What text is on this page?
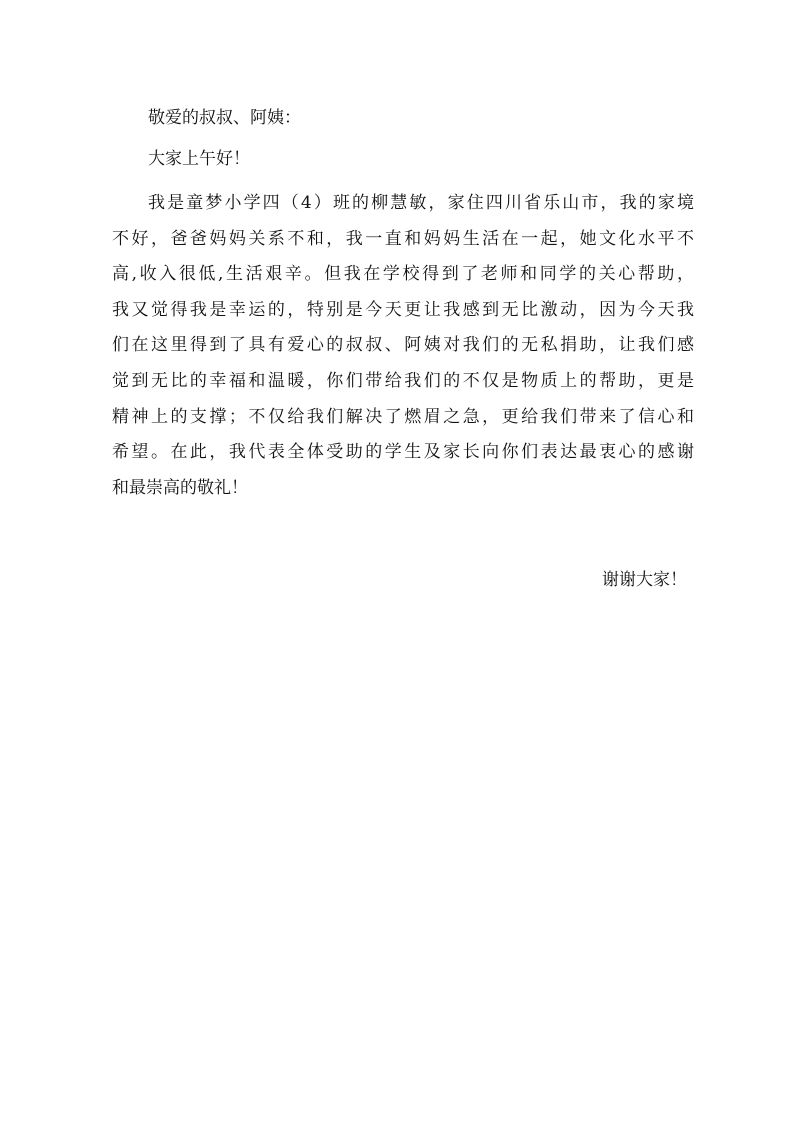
敬爱的叔叔、阿姨：

大家上午好！

我是童梦小学四（4）班的柳慧敏，家住四川省乐山市，我的家境
不好，爸爸妈妈关系不和，我一直和妈妈生活在一起，她文化水平不
高,收入很低,生活艰辛。但我在学校得到了老师和同学的关心帮助，
我又觉得我是幸运的，特别是今天更让我感到无比激动，因为今天我
们在这里得到了具有爱心的叔叔、阿姨对我们的无私捐助，让我们感
觉到无比的幸福和温暖，你们带给我们的不仅是物质上的帮助，更是
精神上的支撑；不仅给我们解决了燃眉之急，更给我们带来了信心和
希望。在此，我代表全体受助的学生及家长向你们表达最衷心的感谢
和最崇高的敬礼！

谢谢大家！
